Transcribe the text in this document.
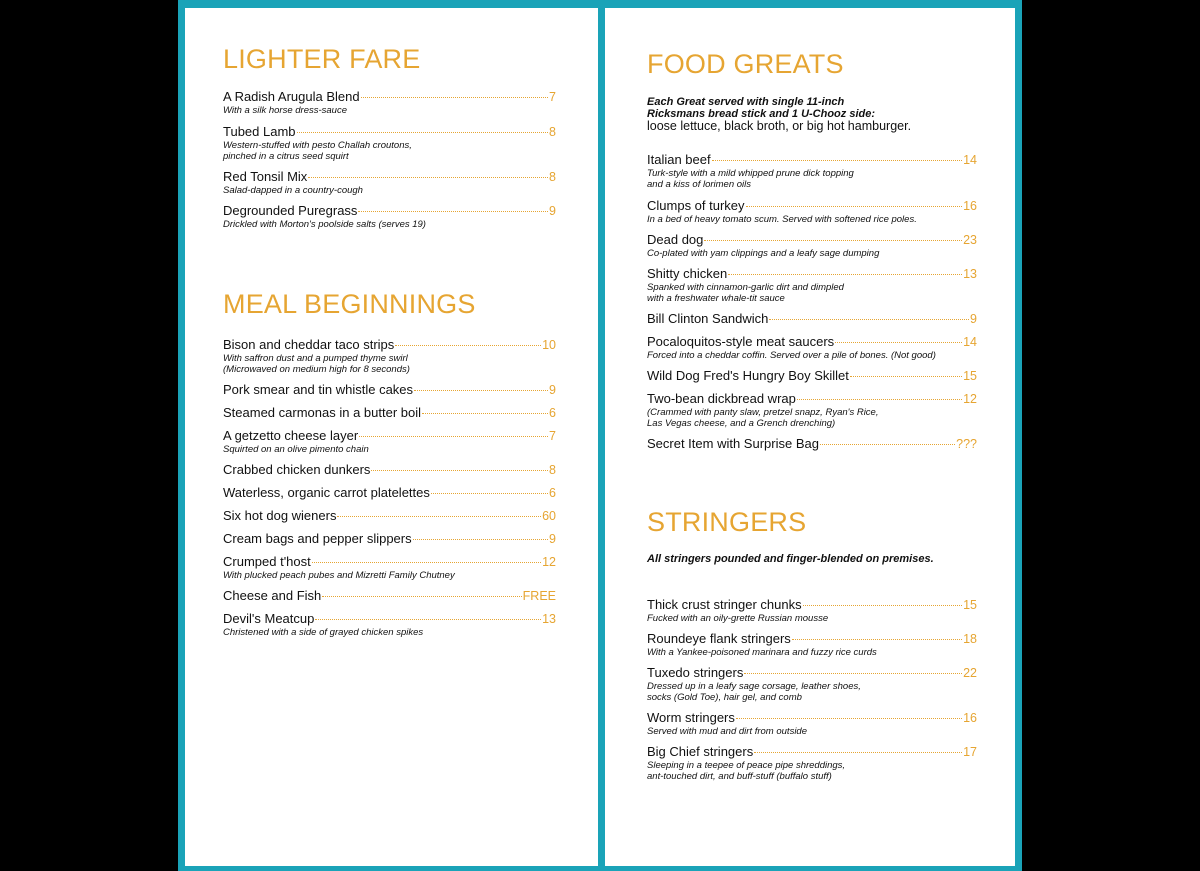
LIGHTER FARE
A Radish Arugula Blend	7
With a silk horse dress-sauce
Tubed Lamb	8
Western-stuffed with pesto Challah croutons,
pinched in a citrus seed squirt
Red Tonsil Mix	8
Salad-dapped in a country-cough
Degrounded Puregrass	9
Drickled with Morton's poolside salts (serves 19)
MEAL BEGINNINGS
Bison and cheddar taco strips	10
With saffron dust and a pumped thyme swirl
(Microwaved on medium high for 8 seconds)
Pork smear and tin whistle cakes	9
Steamed carmonas in a butter boil	6
A getzetto cheese layer	7
Squirted on an olive pimento chain
Crabbed chicken dunkers	8
Waterless, organic carrot platelettes	6
Six hot dog wieners	60
Cream bags and pepper slippers	9
Crumped t'host	12
With plucked peach pubes and Mizretti Family Chutney
Cheese and Fish	FREE
Devil's Meatcup	13
Christened with a side of grayed chicken spikes
FOOD GREATS
Each Great served with single 11-inch
Ricksmans bread stick and 1 U-Chooz side:
loose lettuce, black broth, or big hot hamburger.
Italian beef	14
Turk-style with a mild whipped prune dick topping
and a kiss of lorimen oils
Clumps of turkey	16
In a bed of heavy tomato scum. Served with softened rice poles.
Dead dog	23
Co-plated with yam clippings and a leafy sage dumping
Shitty chicken	13
Spanked with cinnamon-garlic dirt and dimpled
with a freshwater whale-tit sauce
Bill Clinton Sandwich	9
Pocaloquitos-style meat saucers	14
Forced into a cheddar coffin. Served over a pile of bones. (Not good)
Wild Dog Fred's Hungry Boy Skillet	15
Two-bean dickbread wrap	12
(Crammed with panty slaw, pretzel snapz, Ryan's Rice,
Las Vegas cheese, and a Grench drenching)
Secret Item with Surprise Bag	???
STRINGERS
All stringers pounded and finger-blended on premises.
Thick crust stringer chunks	15
Fucked with an oily-grette Russian mousse
Roundeye flank stringers	18
With a Yankee-poisoned marinara and fuzzy rice curds
Tuxedo stringers	22
Dressed up in a leafy sage corsage, leather shoes,
socks (Gold Toe), hair gel, and comb
Worm stringers	16
Served with mud and dirt from outside
Big Chief stringers	17
Sleeping in a teepee of peace pipe shreddings,
ant-touched dirt, and buff-stuff (buffalo stuff)
